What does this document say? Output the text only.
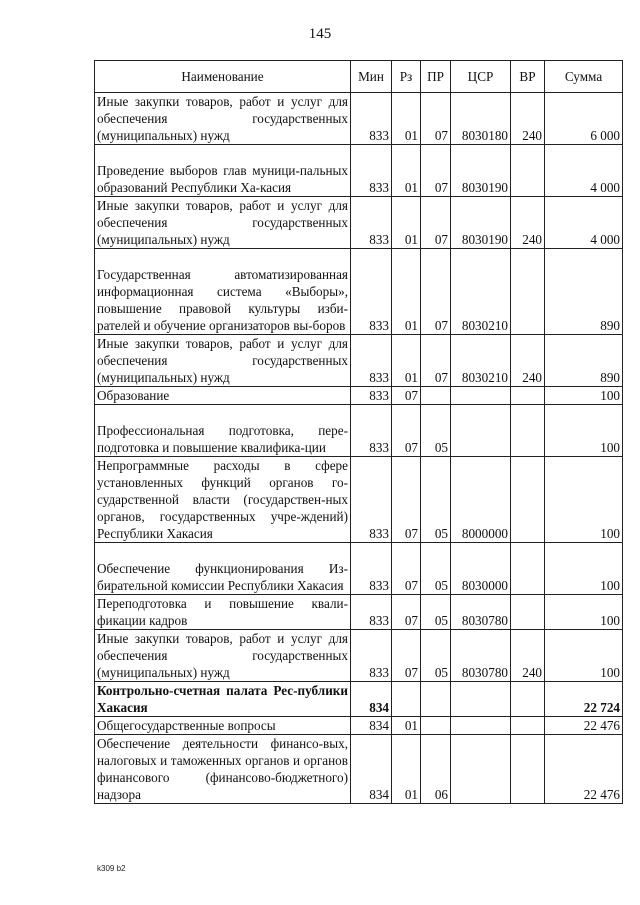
145
Наименование	Мин	Рз	ПР	ЦСР	ВР	Сумма
Иные закупки товаров, работ и услуг для обеспечения государственных (муниципальных) нужд	833	01	07	8030180	240	6 000
Проведение выборов глав муници-пальных образований Республики Ха-касия	833	01	07	8030190		4 000
Иные закупки товаров, работ и услуг для обеспечения государственных (муниципальных) нужд	833	01	07	8030190	240	4 000
Государственная автоматизированная информационная система «Выборы», повышение правовой культуры изби-рателей и обучение организаторов вы-боров	833	01	07	8030210		890
Иные закупки товаров, работ и услуг для обеспечения государственных (муниципальных) нужд	833	01	07	8030210	240	890
Образование	833	07				100
Профессиональная подготовка, пере-подготовка и повышение квалифика-ции	833	07	05			100
Непрограммные расходы в сфере установленных функций органов го-сударственной власти (государствен-ных органов, государственных учре-ждений) Республики Хакасия	833	07	05	8000000		100
Обеспечение функционирования Из-бирательной комиссии Республики Хакасия	833	07	05	8030000		100
Переподготовка и повышение квали-фикации кадров	833	07	05	8030780		100
Иные закупки товаров, работ и услуг для обеспечения государственных (муниципальных) нужд	833	07	05	8030780	240	100
Контрольно-счетная палата Рес-публики Хакасия	834					22 724
Общегосударственные вопросы	834	01				22 476
Обеспечение деятельности финансо-вых, налоговых и таможенных органов и органов финансового (финансово-бюджетного) надзора	834	01	06			22 476
k309 b2
